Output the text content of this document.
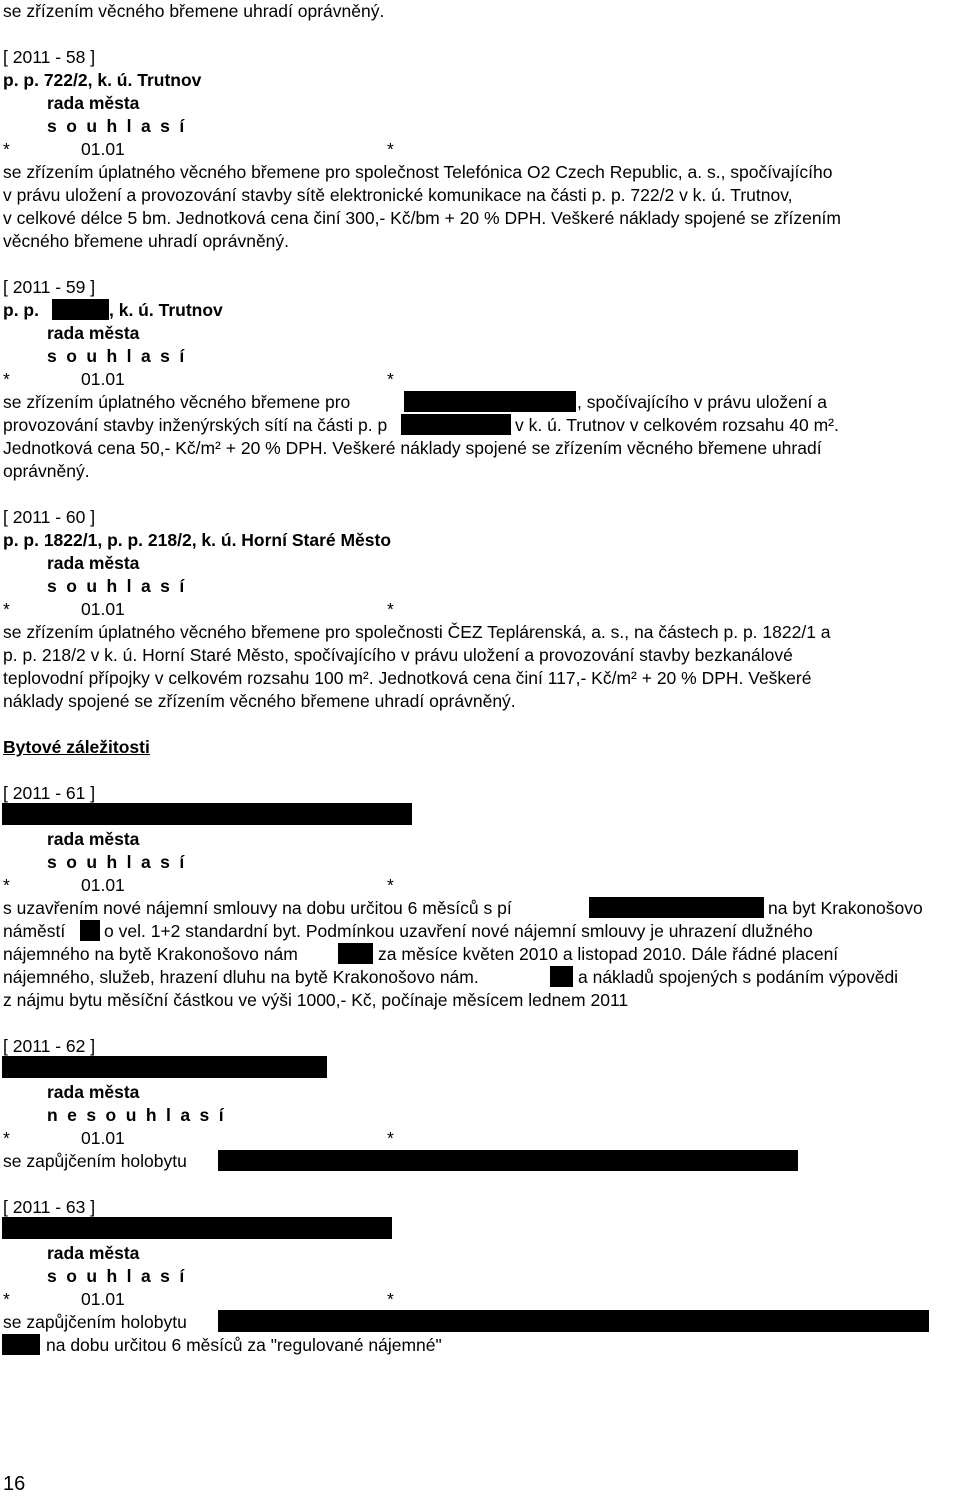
se zřízením věcného břemene uhradí oprávněný.
[ 2011 - 58 ]
p. p. 722/2, k. ú. Trutnov
rada města
s o u h l a s í
*	01.01	*
se zřízením úplatného věcného břemene pro společnost Telefónica O2 Czech Republic, a. s., spočívajícího
v právu uložení a provozování stavby sítě elektronické komunikace na části p. p. 722/2 v k. ú. Trutnov,
v celkové délce 5 bm. Jednotková cena činí 300,- Kč/bm + 20 % DPH. Veškeré náklady spojené se zřízením
věcného břemene uhradí oprávněný.
[ 2011 - 59 ]
p. p.	, k. ú. Trutnov
rada města
s o u h l a s í
*	01.01	*
se zřízením úplatného věcného břemene pro	, spočívajícího v právu uložení a
provozování stavby inženýrských sítí na části p. p	v k. ú. Trutnov v celkovém rozsahu 40 m².
Jednotková cena 50,- Kč/m² + 20 % DPH. Veškeré náklady spojené se zřízením věcného břemene uhradí
oprávněný.
[ 2011 - 60 ]
p. p. 1822/1, p. p. 218/2, k. ú. Horní Staré Město
rada města
s o u h l a s í
*	01.01	*
se zřízením úplatného věcného břemene pro společnosti ČEZ Teplárenská, a. s., na částech p. p. 1822/1 a
p. p. 218/2 v k. ú. Horní Staré Město, spočívajícího v právu uložení a provozování stavby bezkanálové
teplovodní přípojky v celkovém rozsahu 100 m². Jednotková cena činí 117,- Kč/m² + 20 % DPH. Veškeré
náklady spojené se zřízením věcného břemene uhradí oprávněný.
Bytové záležitosti
[ 2011 - 61 ]
rada města
s o u h l a s í
*	01.01	*
s uzavřením nové nájemní smlouvy na dobu určitou 6 měsíců s pí	na byt Krakonošovo
náměstí o vel. 1+2 standardní byt. Podmínkou uzavření nové nájemní smlouvy je uhrazení dlužného
nájemného na bytě Krakonošovo nám	za měsíce květen 2010 a listopad 2010. Dále řádné placení
nájemného, služeb, hrazení dluhu na bytě Krakonošovo nám.	a nákladů spojených s podáním výpovědi
z nájmu bytu měsíční částkou ve výši 1000,- Kč, počínaje měsícem lednem 2011
[ 2011 - 62 ]
rada města
n e s o u h l a s í
*	01.01	*
se zapůjčením holobytu
[ 2011 - 63 ]
rada města
s o u h l a s í
*	01.01	*
se zapůjčením holobytu
na dobu určitou 6 měsíců za "regulované nájemné"
16
